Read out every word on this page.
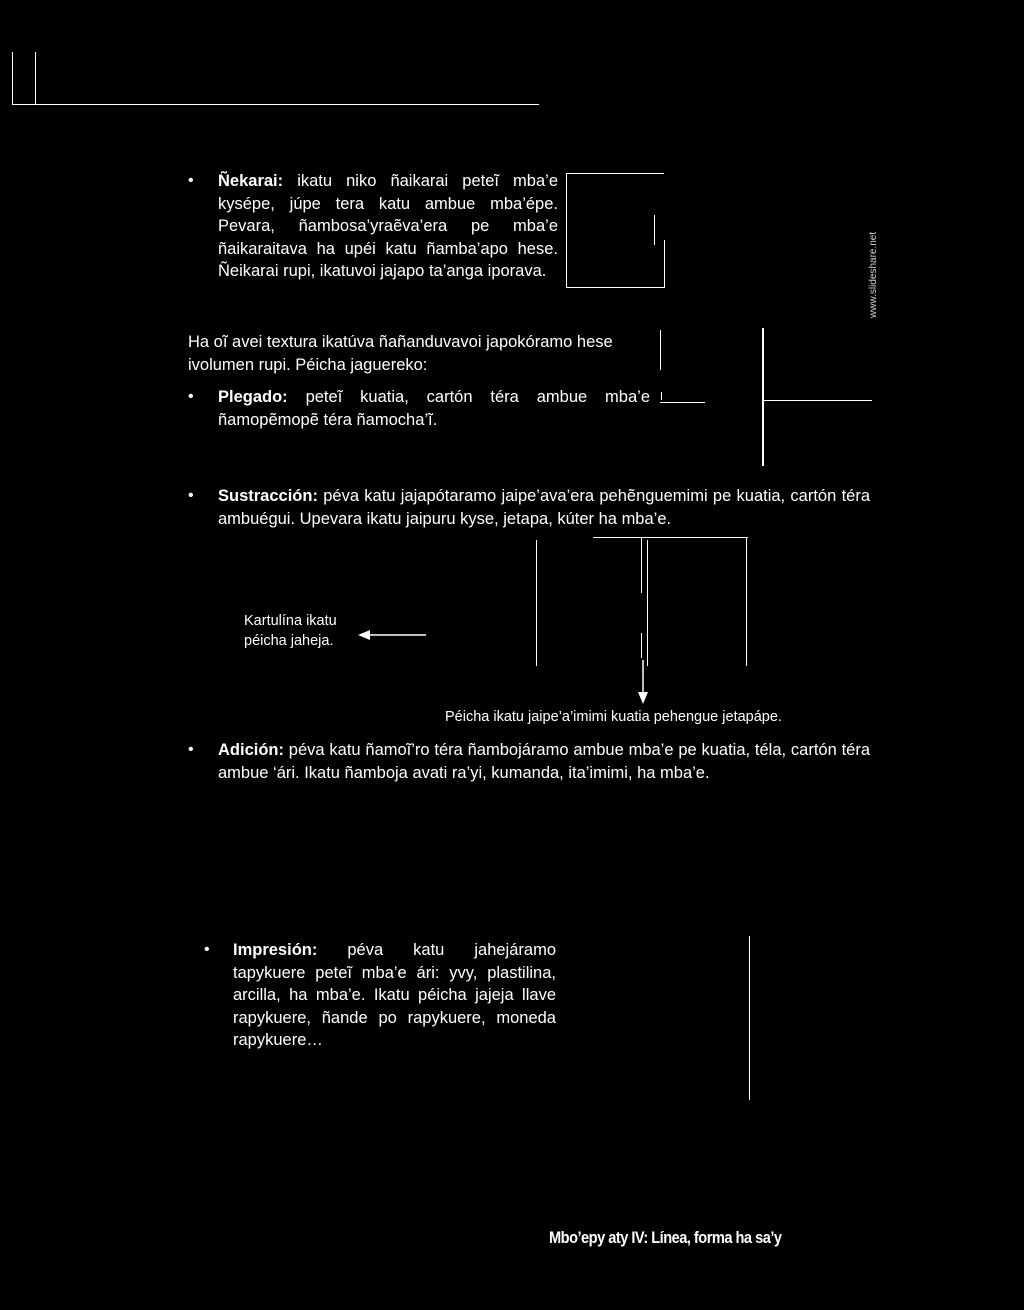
www.slideshare.net
• Ñekarai: ikatu niko ñaikarai peteĩ mba’e kysépe, júpe tera katu ambue mba’épe. Pevara, ñambosa’yraẽva’era pe mba’e ñaikaraitava ha upéi katu ñamba’apo hese. Ñeikarai rupi, ikatuvoi jajapo ta’anga iporava.
Ha oĩ avei textura ikatúva ñañanduvavoi japokóramo hese ivolumen rupi. Péicha jaguereko:
• Plegado: peteĩ kuatia, cartón téra ambue mba’e ñamopẽmopẽ téra ñamocha’ĩ.
• Sustracción: péva katu jajapótaramo jaipe’ava’era pehẽnguemimi pe kuatia, cartón téra ambuégui. Upevara ikatu jaipuru kyse, jetapa, kúter ha mba’e.
Kartulína ikatu
péicha jaheja.
Péicha ikatu jaipe’a’imimi kuatia pehengue jetapápe.
• Adición: péva katu ñamoĩ’ro téra ñambojáramo ambue mba’e pe kuatia, téla, cartón téra ambue ‘ári. Ikatu ñamboja avati ra’yi, kumanda, ita’imimi, ha mba’e.
• Impresión: péva katu jahejáramo tapykuere peteĩ mba’e ári: yvy, plastilina, arcilla, ha mba’e. Ikatu péicha jajeja llave rapykuere, ñande po rapykuere, moneda rapykuere…
Mbo’epy aty IV: Línea, forma ha sa’y
